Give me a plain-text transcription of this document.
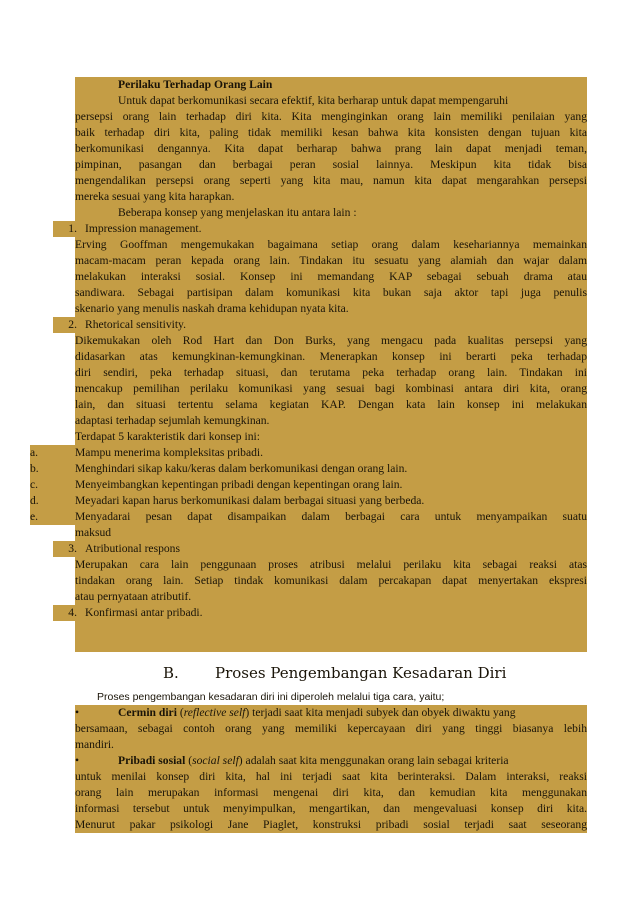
Perilaku Terhadap Orang Lain
Untuk dapat berkomunikasi secara efektif, kita berharap untuk dapat mempengaruhi
persepsi orang lain terhadap diri kita. Kita menginginkan orang lain memiliki penilaian yang
baik terhadap diri kita, paling tidak memiliki kesan bahwa kita konsisten dengan tujuan kita
berkomunikasi dengannya. Kita dapat berharap bahwa prang lain dapat menjadi teman,
pimpinan, pasangan dan berbagai peran sosial lainnya. Meskipun kita tidak bisa
mengendalikan persepsi orang seperti yang kita mau, namun kita dapat mengarahkan persepsi
mereka sesuai yang kita harapkan.
Beberapa konsep yang menjelaskan itu antara lain :
1. Impression management.
Erving Gooffman mengemukakan bagaimana setiap orang dalam kesehariannya memainkan
macam-macam peran kepada orang lain. Tindakan itu sesuatu yang alamiah dan wajar dalam
melakukan interaksi sosial. Konsep ini memandang KAP sebagai sebuah drama atau
sandiwara. Sebagai partisipan dalam komunikasi kita bukan saja aktor tapi juga penulis
skenario yang menulis naskah drama kehidupan nyata kita.
2. Rhetorical sensitivity.
Dikemukakan oleh Rod Hart dan Don Burks, yang mengacu pada kualitas persepsi yang
didasarkan atas kemungkinan-kemungkinan. Menerapkan konsep ini berarti peka terhadap
diri sendiri, peka terhadap situasi, dan terutama peka terhadap orang lain. Tindakan ini
mencakup pemilihan perilaku komunikasi yang sesuai bagi kombinasi antara diri kita, orang
lain, dan situasi tertentu selama kegiatan KAP. Dengan kata lain konsep ini melakukan
adaptasi terhadap sejumlah kemungkinan.
Terdapat 5 karakteristik dari konsep ini:
a.	Mampu menerima kompleksitas pribadi.
b.	Menghindari sikap kaku/keras dalam berkomunikasi dengan orang lain.
c.	Menyeimbangkan kepentingan pribadi dengan kepentingan orang lain.
d.	Meyadari kapan harus berkomunikasi dalam berbagai situasi yang berbeda.
e.	Menyadarai pesan dapat disampaikan dalam berbagai cara untuk menyampaikan suatu
maksud
3. Atributional respons
Merupakan cara lain penggunaan proses atribusi melalui perilaku kita sebagai reaksi atas
tindakan orang lain. Setiap tindak komunikasi dalam percakapan dapat menyertakan ekspresi
atau pernyataan atributif.
4. Konfirmasi antar pribadi.
B. Proses Pengembangan Kesadaran Diri
Proses pengembangan kesadaran diri ini diperoleh melalui tiga cara, yaitu;
•	Cermin diri (reflective self) terjadi saat kita menjadi subyek dan obyek diwaktu yang
bersamaan, sebagai contoh orang yang memiliki kepercayaan diri yang tinggi biasanya lebih
mandiri.
•	Pribadi sosial (social self) adalah saat kita menggunakan orang lain sebagai kriteria
untuk menilai konsep diri kita, hal ini terjadi saat kita berinteraksi. Dalam interaksi, reaksi
orang lain merupakan informasi mengenai diri kita, dan kemudian kita menggunakan
informasi tersebut untuk menyimpulkan, mengartikan, dan mengevaluasi konsep diri kita.
Menurut pakar psikologi Jane Piaglet, konstruksi pribadi sosial terjadi saat seseorang
